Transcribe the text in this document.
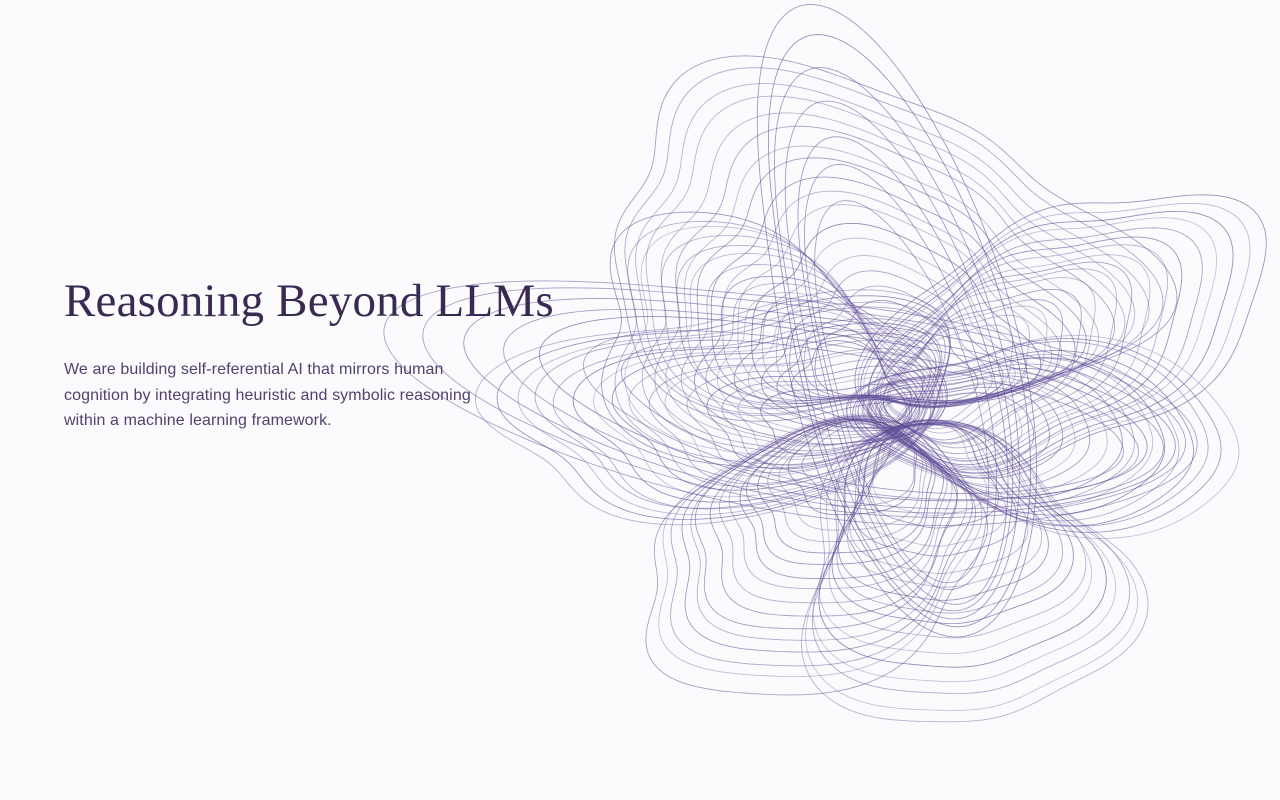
Reasoning Beyond LLMs

We are building self-referential AI that mirrors human
cognition by integrating heuristic and symbolic reasoning
within a machine learning framework.
